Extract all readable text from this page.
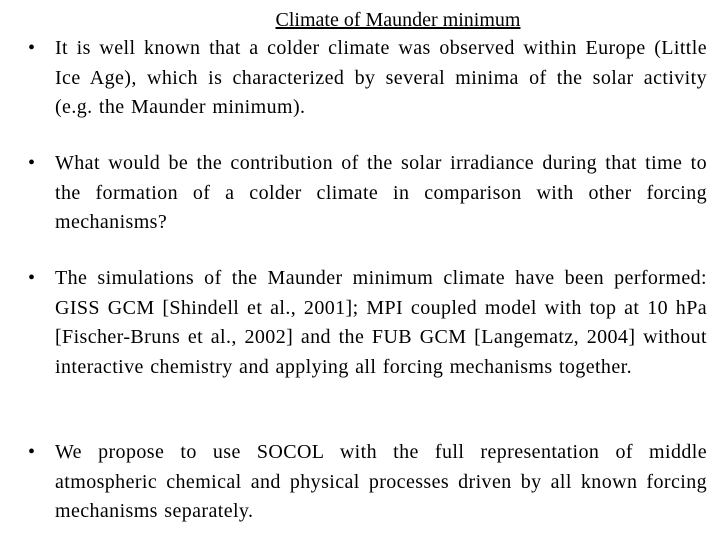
Climate of Maunder minimum
• It is well known that a colder climate was observed within Europe (Little Ice Age), which is characterized by several minima of the solar activity (e.g. the Maunder minimum).
• What would be the contribution of the solar irradiance during that time to the formation of a colder climate in comparison with other forcing mechanisms?
• The simulations of the Maunder minimum climate have been performed: GISS GCM [Shindell et al., 2001]; MPI coupled model with top at 10 hPa [Fischer-Bruns et al., 2002] and the FUB GCM [Langematz, 2004] without interactive chemistry and applying all forcing mechanisms together.
• We propose to use SOCOL with the full representation of middle atmospheric chemical and physical processes driven by all known forcing mechanisms separately.
